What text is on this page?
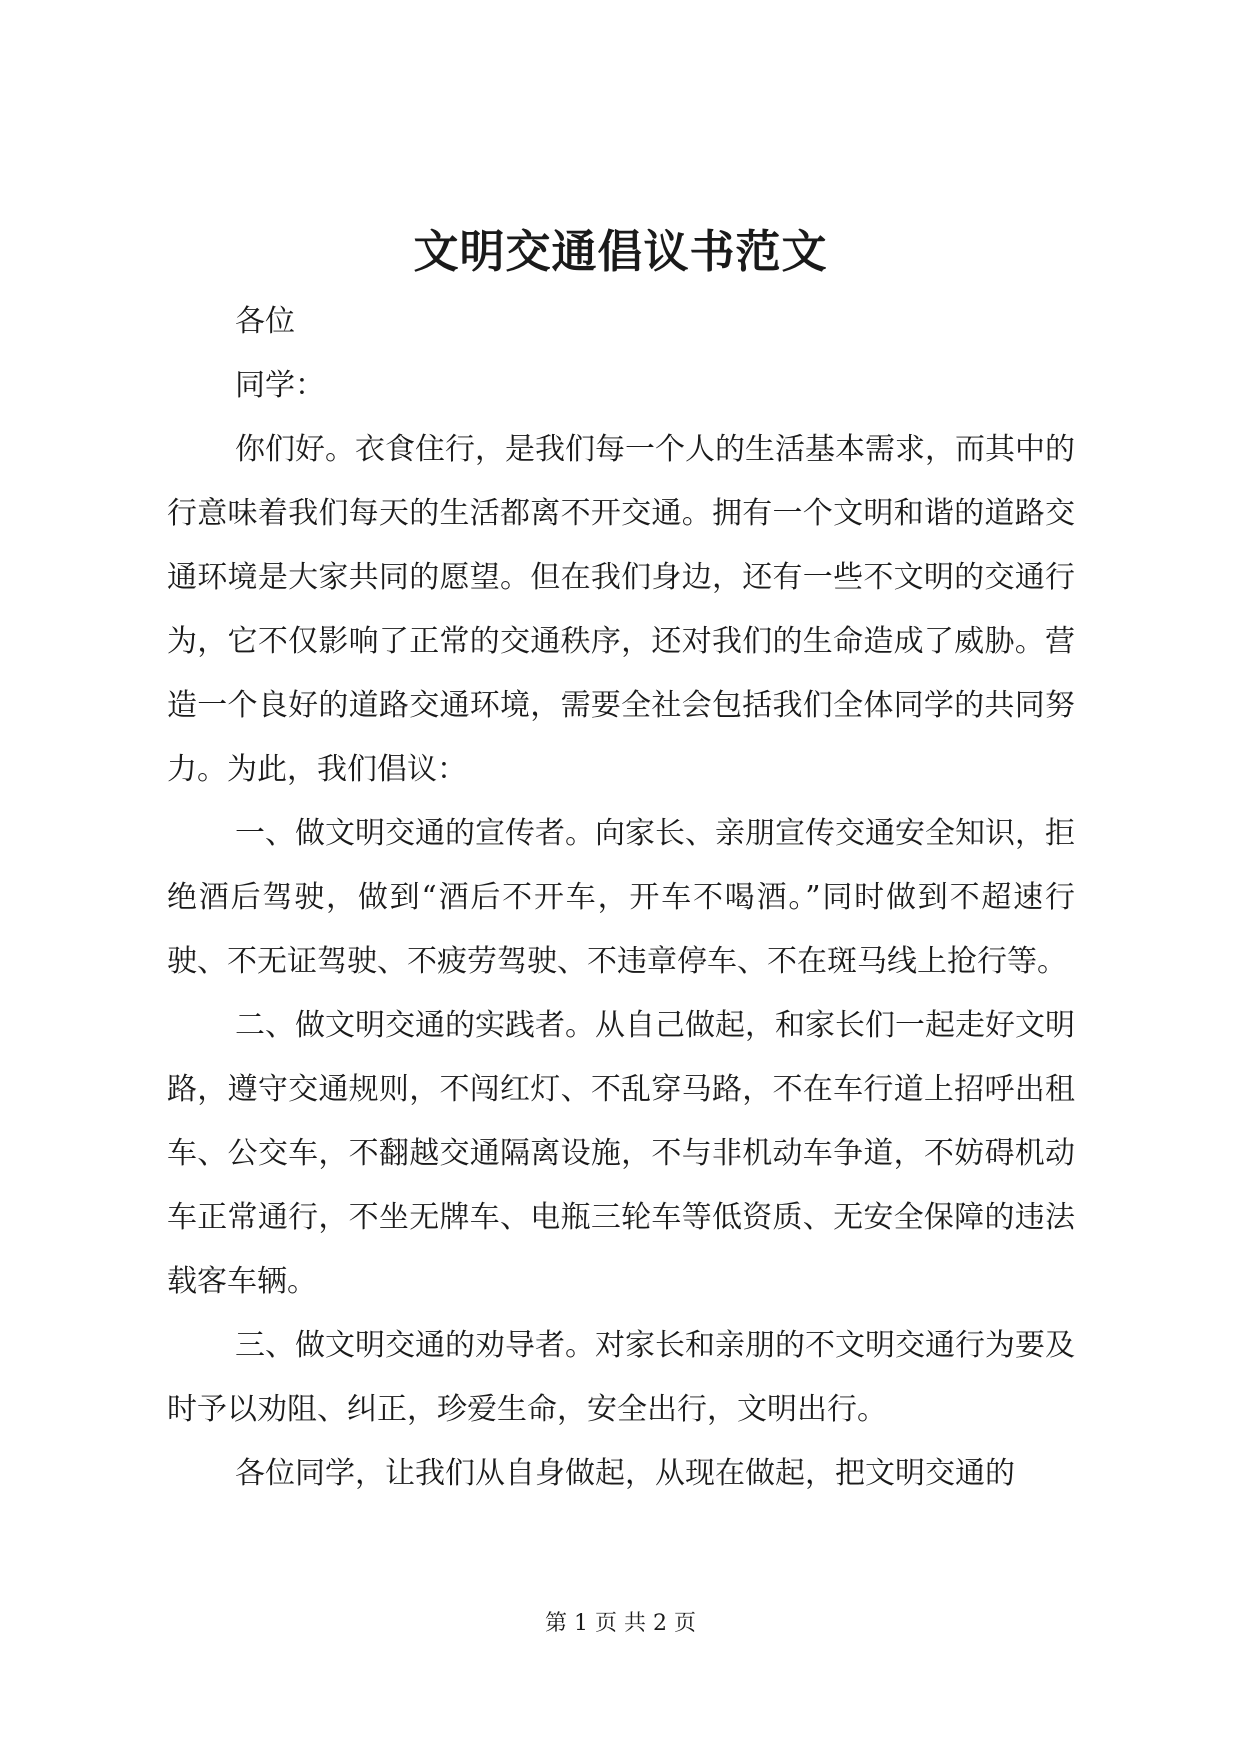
文明交通倡议书范文

各位

同学：

你们好。衣食住行，是我们每一个人的生活基本需求，而其中的行意味着我们每天的生活都离不开交通。拥有一个文明和谐的道路交通环境是大家共同的愿望。但在我们身边，还有一些不文明的交通行为，它不仅影响了正常的交通秩序，还对我们的生命造成了威胁。营造一个良好的道路交通环境，需要全社会包括我们全体同学的共同努力。为此，我们倡议：

一、做文明交通的宣传者。向家长、亲朋宣传交通安全知识，拒绝酒后驾驶，做到“酒后不开车，开车不喝酒。”同时做到不超速行驶、不无证驾驶、不疲劳驾驶、不违章停车、不在斑马线上抢行等。

二、做文明交通的实践者。从自己做起，和家长们一起走好文明路，遵守交通规则，不闯红灯、不乱穿马路，不在车行道上招呼出租车、公交车，不翻越交通隔离设施，不与非机动车争道，不妨碍机动车正常通行，不坐无牌车、电瓶三轮车等低资质、无安全保障的违法载客车辆。

三、做文明交通的劝导者。对家长和亲朋的不文明交通行为要及时予以劝阻、纠正，珍爱生命，安全出行，文明出行。

各位同学，让我们从自身做起，从现在做起，把文明交通的

第 1 页 共 2 页
